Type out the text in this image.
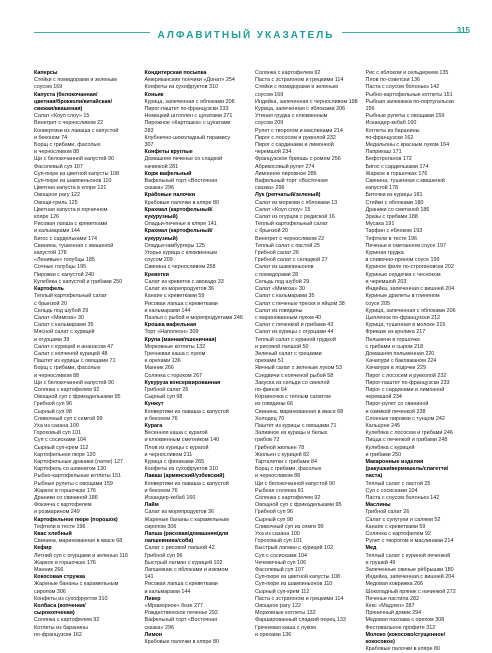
АЛФАВИТНЫЙ УКАЗАТЕЛЬ	315
Каперсы
Стейки с помидорами и зеленым
соусом 169
Капуста (белокочанная/
цветная/брокколи/китайская/
свежая/квашеная)
Салат «Коул слоу» 15
Винегрет с черносливом 22
Конвертики из лаваша с капустой
и беконом 74
Борщ с грибами, фасолью
и черносливом 88
Щи с белокочанной капустой 90
Фасолевый суп 107
Суп-пюре из цветной капусты 108
Суп-пюре из шампиньонов 110
Цветная капуста в кляре 121
Овощное рагу 122
Овощи-гриль 125
Цветная капуста в горчичном
кляре 126
Рисовая лапша с креветками
и кальмарами 144
Бигос с сардельками 174
Свинина, тушенная с квашеной
капустой 178
«Ленивые» голубцы 185
Сочные голубцы 195
Пирожки с капустой 240
Кулебяка с капустой и грибами 250
Картофель
Теплый картофельный салат
с брынзой 20
Сельдь под шубой 29
Салат «Мимоза» 30
Салат с кальмарами 35
Мясной салат с курицей
и огурцами 39
Салат с курицей и ананасом 47
Салат с копченой курицей 48
Паштет из курицы с овощами 71
Борщ с грибами, фасолью
и черносливом 88
Щи с белокочанной капустой 90
Солянка с картофелем 92
Овощной суп с фрикадельками 95
Грибной суп 96
Сырный суп 98
Сливочный суп с семгой 99
Уха из сазана 100
Гороховый суп 101
Суп с сосисками 104
Сырный суп-крем 112
Картофельное пюре 120
Картофельные драники (латке) 127
Картофель со шпинатом 130
Рыбно-картофельные котлеты 151
Рыбные рулеты с овощами 159
Жаркое в горшочках 176
Драники со свининой 186
Фокачча с картофелем
и розмарином 249
Картофельное пюре (порошок)
Тефтели в тесте 196
Квас хлебный
Свинина, маринованная в квасе 68
Кефир
Летний суп с огурцами и зеленью 116
Жаркое в горшочках 176
Манник 266
Кокосовая стружка
Жареные бананы с карамельным
сиропом 306
Конфеты из сухофруктов 310
Колбаса (копченая/
сырокопченая)
Солянка с картофелем 92
Котлеты из баранины
по-французски 162
Кондитерская посыпка
Американские пончики «Донат» 254
Конфеты из сухофруктов 310
Коньяк
Курица, запеченная с яблоками 206
Пирог-паштет по-французски 233
Немецкий штоллен с цукатами 271
Пирожное «Картошка» с цукатами
283
Клубнично-шоколадный тирамису
307
Конфеты круглые
Домашнее печенье со сладкой
начинкой 281
Корж вафельный
Вафельный торт «Восточная
сказка» 296
Кра́бовые палочки
Крабовые палочки в кляре 80
Крахмал (картофельный/
кукурузный)
Оладьи-печенье в кляре 141
Крахмал (картофельный/
кукурузный)
Оладьи-гамбургеры 125
Угорье курица с клюквенным
соусом 209
Свинина с черносливом 258
Креветки
Салат из креветок с авокадо 33
Салат из морепродуктов 36
Канапе с креветками 59
Рисовая лапша с креветками
и кальмарами 144
Паэлья с рыбой и морепродуктами 246
Крошка вафельная
Торт «Наполеон» 309
Крупа (манная/пшеничная)
Морковные котлеты 132
Гречневая каша с луком
и орехами 136
Манник 266
Солянка с горохом 267
Кукуруза консервированная
Грибной салат 26
Сырный суп 98
Кунжут
Конвертики из лаваша с капустой
и беконом 76
Курага
Весенняя каша с курагой
и клюквенным сметником 140
Плов из курицы с курагой
и черносливом 211
Курица с финиками 265
Конфеты из сухофруктов 310
Лаваш (армянский/узбекский)
Конвертики из лаваша с капустой
и беконом 76
Искандер-кебаб 160
Лайм
Салат из морепродуктов 36
Жареные бананы с карамельным
сиропом 306
Лапша (рисовая/домашняя/для
лапшевника/соба)
Салат с рисовой лапшой 42
Грибной суп 96
Быстрый лагман с курицей 102
Лапшевник с яблоками и изюмом
141
Рисовая лапша с креветками
и кальмарами 144
Ликер
«Мраморное» безе 277
Рождественское печенье 292
Вафельный торт «Восточная
сказка» 296
Лимон
Крабовые палочки в кляре 80
Солянка с картофелем 92
Паста с эстрагоном и грецкими 114
Стейки с помидорами и зеленым
соусом 169
Индейка, запеченная с черносливом 198
Курица, запеченная с яблоками 206
Утиная грудка с клюквенным
соусом 209
Рулет с творогом и маслинами 214
Пирог с лососем и рукколой 232
Пирог с сардинами и лимонной
черемшой 234
Французское бриошь с ромом 256
Абрикосовый рулет 274
Лимонное пирожное 286
Вафельный торт «Восточная
сказка» 296
Лук (репчатый/зеленый)
Салат из моркови с яблоками 13
Салат «Коул слоу» 15
Салат из огурцов с редиской 16
Теплый картофельный салат
с брынзой 20
Винегрет с черносливом 22
Теплый салат с пастой 25
Грибной салат 26
Грибной салат с селедкой 27
Салат из шампиньонов
с помидорами 28
Сельдь под шубой 29
Салат «Мимоза» 30
Салат с кальмарами 35
Салат с печенью трески и яйцом 38
Салат из говядины
с маринованным луком 40
Салат с печенкой и грибами 43
Салат из курицы с огурцами 44
Теплый салат с куриной грудкой
и рисовой лапшой 50
Зеленый салат с грецкими
орехами 51
Яичный салат с зеленым луком 53
Сэндвичи с копченой рыбой 58
Закуска из сельди со свеклой
по-финскi 64
Корзиночки с теплым салатом
из говядины 66
Свинина, маринованная в квасе 68
Холодец 70
Паштет из курицы с овощами 71
Заливное из курицы и белых
грибов 72
Грибной жюльен 78
Жюльен с курицей 82
Тарталетки с грибами 84
Борщ с грибами, фасолью
и черносливом 88
Щи с белокочанной капустой 90
Рыбная солянка 91
Солянка с картофелем 92
Овощной суп с фрикадельками 95
Грибной суп 96
Сырный суп 98
Сливочный суп из семги 99
Уха из сазана 100
Гороховый суп 101
Быстрый лагман с курицей 102
Суп с сосисками 104
Чечевичный суп 106
Фасолевый суп 107
Суп-пюре из цветной капусты 108
Суп-пюре из шампиньонов 110
Сырный суп-крем 112
Паста с эстрагоном и грецкими 114
Овощное рагу 122
Морковные котлеты 132
Фаршированный сладкий перец 133
Гречневая каша с луком
и орехами 136
Рис с яблоком и сельдереем 135
Плов по-советски 136
Паста с соусом болоньез 142
Рыбно-картофельные котлеты 151
Рыбная запеканка по-португальски
156
Рыбные рулеты с овощами 159
Искандер-кебаб 160
Котлеты из баранины
по-французски 162
Медальоны с красным луком 164
Паприкаш 171
Бефстроганов 172
Бигос с сардельками 174
Жаркое в горшочках 176
Свинина, тушенная с квашеной
капустой 178
Биточки из курицы 181
Стейки с яблоками 180
Драники со сметаной 186
Зразы с грибами 188
Мусака 191
Тарфин с яблоком 193
Тефтели в тесте 196
Печенье в сметанном соусе 197
Куриная грудка
в сливочно-пряном соусе 199
Куриное филе по-строгановски 202
Куриные сердечки с чесноком
и черемшой 203
Индейка, запеченная с вишней 204
Куриные дрилеты в глиняном
соусе 205
Курица, запеченная с яблоками 206
Цыпленок по-французски 212
Курица, тушенная в молоке 215
Фриказе из кролика 217
Пельмени в горшочке
с грибами и сыром 218
Домашняя пельменная 220
Хачапури с баклажаном 224
Хачапури в лодочке 229
Пирог с лососем и рукколой 232
Пирог-паштет по-французски 233
Пирог с сардинами и лимонной
черемшой 234
Пирог-рулет со свининой
и озимкой печенкой 238
Слоеные пирожки с тунцом 242
Кальцоне 245
Кулебяка с лососем и грибами 246
Пицца с печенкой и грибами 248
Кулебяка с курицей
и грибами 250
Макаронные изделия
(ракушки/вермишель/спагетти/
паста)
Теплый салат с пастой 25
Суп с сосисками 104
Паста с соусом болоньез 142
Маслины
Грибной салат 26
Салат с сулугуни и салями 52
Канапе с креветками 59
Солянка с картофелем 92
Рулет с творогом и маслинами 214
Мед
Теплый салат с куриной печенкой
и грушей 49
Запеченные свиные рёбрышки 180
Индейка, запеченная с вишней 204
Медовая коврижка 266
Шоколадный пряник с начинкой 272
Печенье пастила 282
Кекс «Мадлен» 287
Пряничный домик 294
Медовая пахлава с орехом 308
Фестивальное профите 312
Молоко (кокосово/сгущенное/
кокосовое)
Крабовые палочки в кляре 80
